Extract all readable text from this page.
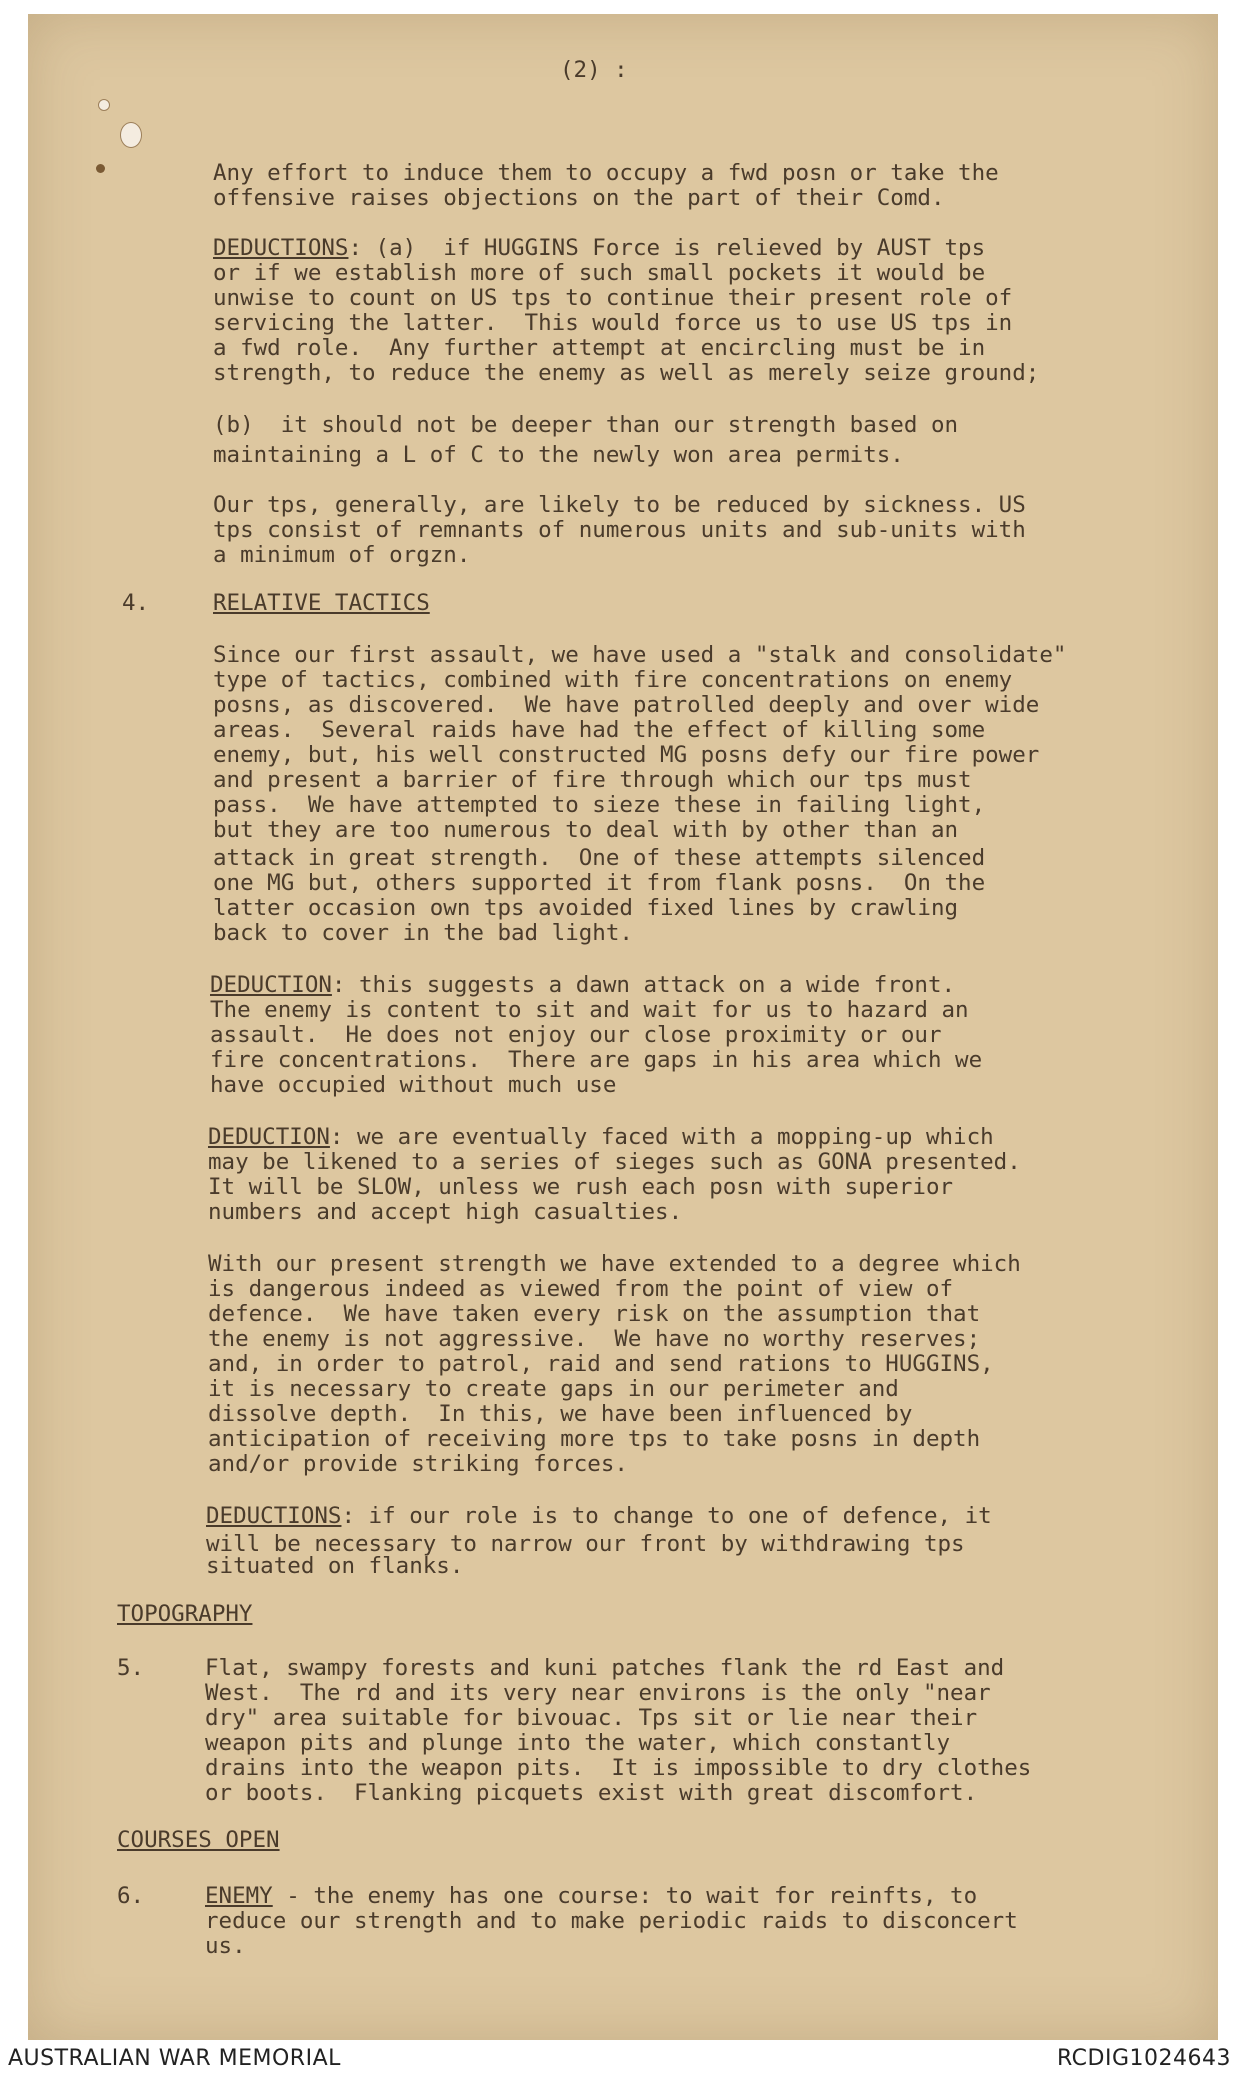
(2) :
Any effort to induce them to occupy a fwd posn or take the
offensive raises objections on the part of their Comd.
DEDUCTIONS: (a)  if HUGGINS Force is relieved by AUST tps
or if we establish more of such small pockets it would be
unwise to count on US tps to continue their present role of
servicing the latter.  This would force us to use US tps in
a fwd role.  Any further attempt at encircling must be in
strength, to reduce the enemy as well as merely seize ground;
(b)  it should not be deeper than our strength based on
maintaining a L of C to the newly won area permits.
Our tps, generally, are likely to be reduced by sickness. US
tps consist of remnants of numerous units and sub-units with
a minimum of orgzn.
4.	RELATIVE TACTICS
Since our first assault, we have used a "stalk and consolidate"
type of tactics, combined with fire concentrations on enemy
posns, as discovered.  We have patrolled deeply and over wide
areas.  Several raids have had the effect of killing some
enemy, but, his well constructed MG posns defy our fire power
and present a barrier of fire through which our tps must
pass.  We have attempted to sieze these in failing light,
but they are too numerous to deal with by other than an
attack in great strength.  One of these attempts silenced
one MG but, others supported it from flank posns.  On the
latter occasion own tps avoided fixed lines by crawling
back to cover in the bad light.
DEDUCTION: this suggests a dawn attack on a wide front.
The enemy is content to sit and wait for us to hazard an
assault.  He does not enjoy our close proximity or our
fire concentrations.  There are gaps in his area which we
have occupied without much use
DEDUCTION: we are eventually faced with a mopping-up which
may be likened to a series of sieges such as GONA presented.
It will be SLOW, unless we rush each posn with superior
numbers and accept high casualties.
With our present strength we have extended to a degree which
is dangerous indeed as viewed from the point of view of
defence.  We have taken every risk on the assumption that
the enemy is not aggressive.  We have no worthy reserves;
and, in order to patrol, raid and send rations to HUGGINS,
it is necessary to create gaps in our perimeter and
dissolve depth.  In this, we have been influenced by
anticipation of receiving more tps to take posns in depth
and/or provide striking forces.
DEDUCTIONS: if our role is to change to one of defence, it
will be necessary to narrow our front by withdrawing tps
situated on flanks.
TOPOGRAPHY
5.	Flat, swampy forests and kuni patches flank the rd East and
West.  The rd and its very near environs is the only "near
dry" area suitable for bivouac. Tps sit or lie near their
weapon pits and plunge into the water, which constantly
drains into the weapon pits.  It is impossible to dry clothes
or boots.  Flanking picquets exist with great discomfort.
COURSES OPEN
6.	ENEMY - the enemy has one course: to wait for reinfts, to
reduce our strength and to make periodic raids to disconcert
us.
AUSTRALIAN WAR MEMORIAL	RCDIG1024643
